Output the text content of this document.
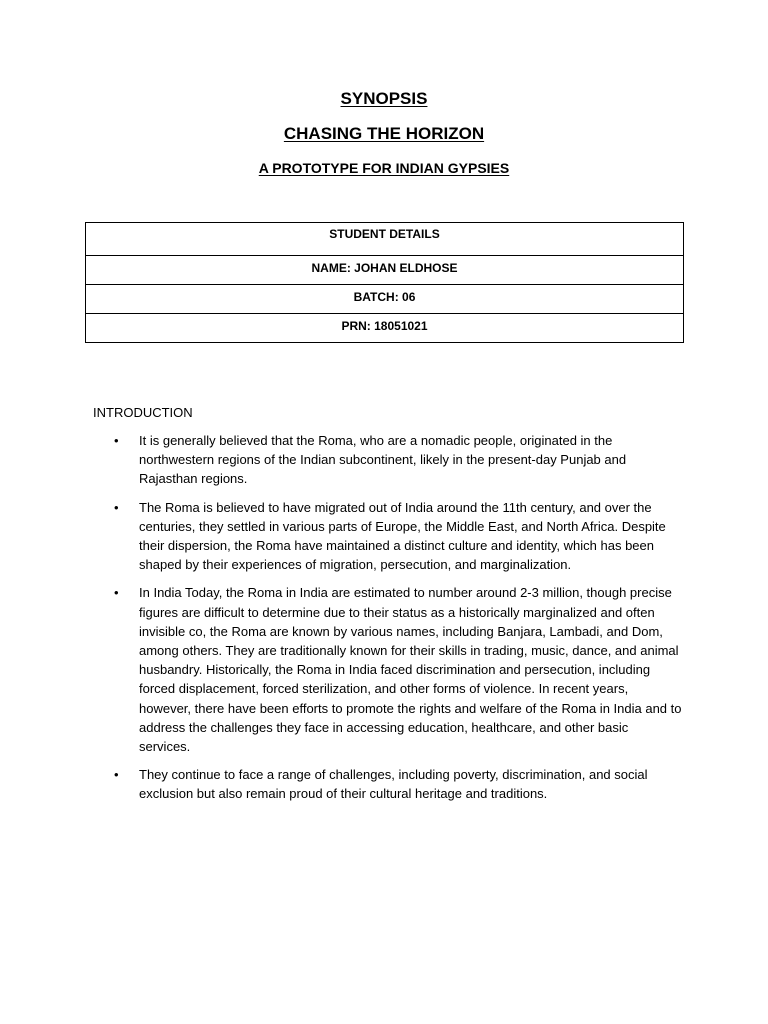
SYNOPSIS
CHASING THE HORIZON
A PROTOTYPE FOR INDIAN GYPSIES
STUDENT DETAILS
NAME: JOHAN ELDHOSE
BATCH: 06
PRN: 18051021

INTRODUCTION

• It is generally believed that the Roma, who are a nomadic people, originated in the northwestern regions of the Indian subcontinent, likely in the present-day Punjab and Rajasthan regions.
• The Roma is believed to have migrated out of India around the 11th century, and over the centuries, they settled in various parts of Europe, the Middle East, and North Africa. Despite their dispersion, the Roma have maintained a distinct culture and identity, which has been shaped by their experiences of migration, persecution, and marginalization.
• In India Today, the Roma in India are estimated to number around 2-3 million, though precise figures are difficult to determine due to their status as a historically marginalized and often invisible co, the Roma are known by various names, including Banjara, Lambadi, and Dom, among others. They are traditionally known for their skills in trading, music, dance, and animal husbandry. Historically, the Roma in India faced discrimination and persecution, including forced displacement, forced sterilization, and other forms of violence. In recent years, however, there have been efforts to promote the rights and welfare of the Roma in India and to address the challenges they face in accessing education, healthcare, and other basic services.
• They continue to face a range of challenges, including poverty, discrimination, and social exclusion but also remain proud of their cultural heritage and traditions.
